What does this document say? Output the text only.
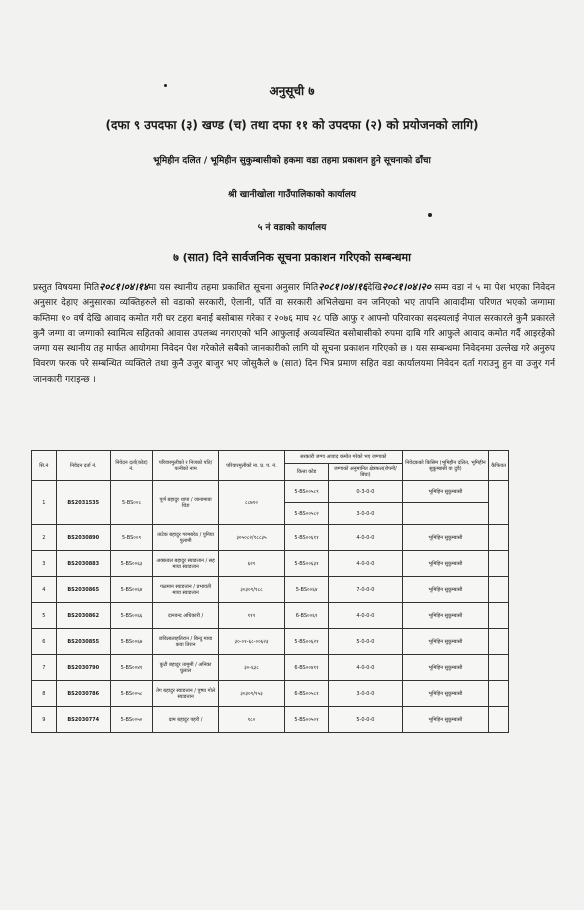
अनुसूची ७
(दफा ९ उपदफा (३) खण्ड (च) तथा दफा ११ को उपदफा (२) को प्रयोजनको लागि)
भूमिहीन दलित / भूमिहीन सुकुम्बासीको हकमा वडा तहमा प्रकाशन हुने सूचनाको ढाँचा
श्री खानीखोला गाउँपालिकाको कार्यालय
५ नं वडाको कार्यालय
७ (सात) दिने सार्वजनिक सूचना प्रकाशन गरिएको सम्बन्धमा
प्रस्तुत विषयमा मिति२०८१।०४।१४मा यस स्थानीय तहमा प्रकाशित सूचना अनुसार मिति२०८१।०४।१६देखि२०८१।०४।२० सम्म वडा नं ५ मा पेश भएका निवेदन अनुसार देहाए अनुसारका व्यक्तिहरुले सो वडाको सरकारी, ऐलानी, पर्ति वा सरकारी अभिलेखमा वन जनिएको भए तापनि आवादीमा परिणत भएको जग्गामा कम्तिमा १० वर्ष देखि आवाद कमोत गरी घर टहरा बनाई बसोबास गरेका र २०७६ माघ २८ पछि आफु र आफ्नो परिवारका सदस्यलाई नेपाल सरकारले कुनै प्रकारले कुनै जग्गा वा जग्गाको स्वामित्व सहितको आवास उपलब्ध नगराएको भनि आफुलाई अव्यवस्थित बसोबासीको रुपमा दाबि गरि आफुले आवाद कमोत गर्दै आइरहेको जग्गा यस स्थानीय तह मार्फत आयोगमा निवेदन पेश गरेकोले सबैको जानकारीको लागि यो सूचना प्रकाशन गरिएको छ । यस सम्बन्धमा निवेदनमा उल्लेख गरे अनुरुप विवरण फरक परे सम्बन्धित व्यक्तिले तथा कुनै उजुर बाजुर भए जोसुकैले ७ (सात) दिन भित्र प्रमाण सहित वडा कार्यालयमा निवेदन दर्ता गराउनु हुन वा उजुर गर्न जानकारी गराइन्छ ।
सि.नं	निवेदन दर्ता नं.	निवेदन दर्ता(कोड) नं.	परिवारमुलीको र निजको पति/ पत्नीको नाम	परिवारमुलीको ना. प्र. प. नं.	सरकारी जग्गा आवाद कमोत गरेको भए जग्गाको		निवेदकको किसिम (भूमिहीन दलित, भूमिहीन सुकुम्बासी वा दुवै)	कैफियत
					कित्ता कोड	जग्गाको अनुमानित क्षेत्रफल(रोपनी/बिघा)		
1	BS2031535	5-BS००८	पूर्ण बहादुर थापा / जानामाया थिङ	८८७१०	5-BS००५८९	0-3-0-0	भूमिहिन सुकुम्बासी	
					5-BS००५८२	3-0-0-0		
2	BS2030890	5-BS००९	ताटेक बहादुर गरमबरेठ / पुनिया पुलामी	३०५०८२/९८८३५	5-BS००६११	4-0-0-0	भूमिहिन सुकुम्बासी	
3	BS2030883	5-BS००६३	अक्कवल बहादुर स्याङतान / सह माया स्याङतान	६२१	5-BS००६३१	4-0-0-0	भूमिहिन सुकुम्बासी	
4	BS2030865	5-BS००६४	गळमान स्याङतान / प्रभावती माया स्याङतान	३०३०९/९८८	5-BS००६४	7-0-0-0	भूमिहिन सुकुम्बासी	
5	BS2030862	5-BS००६६	दानवन्द अधिकारी /	११९	6-BS००६९	4-0-0-0	भूमिहिन सुकुम्बासी	
6	BS2030855	5-BS००६७	छविलालाहतिरान / बिन्दु माया कवा तिरान	३०-०१-६८-००६२३	5-BS००६२१	5-0-0-0	भूमिहिन सुकुम्बासी	
7	BS2030790	5-BS००४९	कुटी बहादुर तामुमी / अनिका घुलाल	३०-६३८	6-BS००४११	4-0-0-0	भूमिहिन सुकुम्बासी	
8	BS2030786	5-BS००५८	तेग बहादुर स्याङतान / पुष्पा गोले स्याङतान	३०३०९/१५३	6-BS००५८१	3-0-0-0	भूमिहिन सुकुम्बासी	
9	BS2030774	5-BS००५०	दाम बहादुर पहरी /	१८०	5-BS००५०१	5-0-0-0	भूमिहिन सुकुम्बासी	
